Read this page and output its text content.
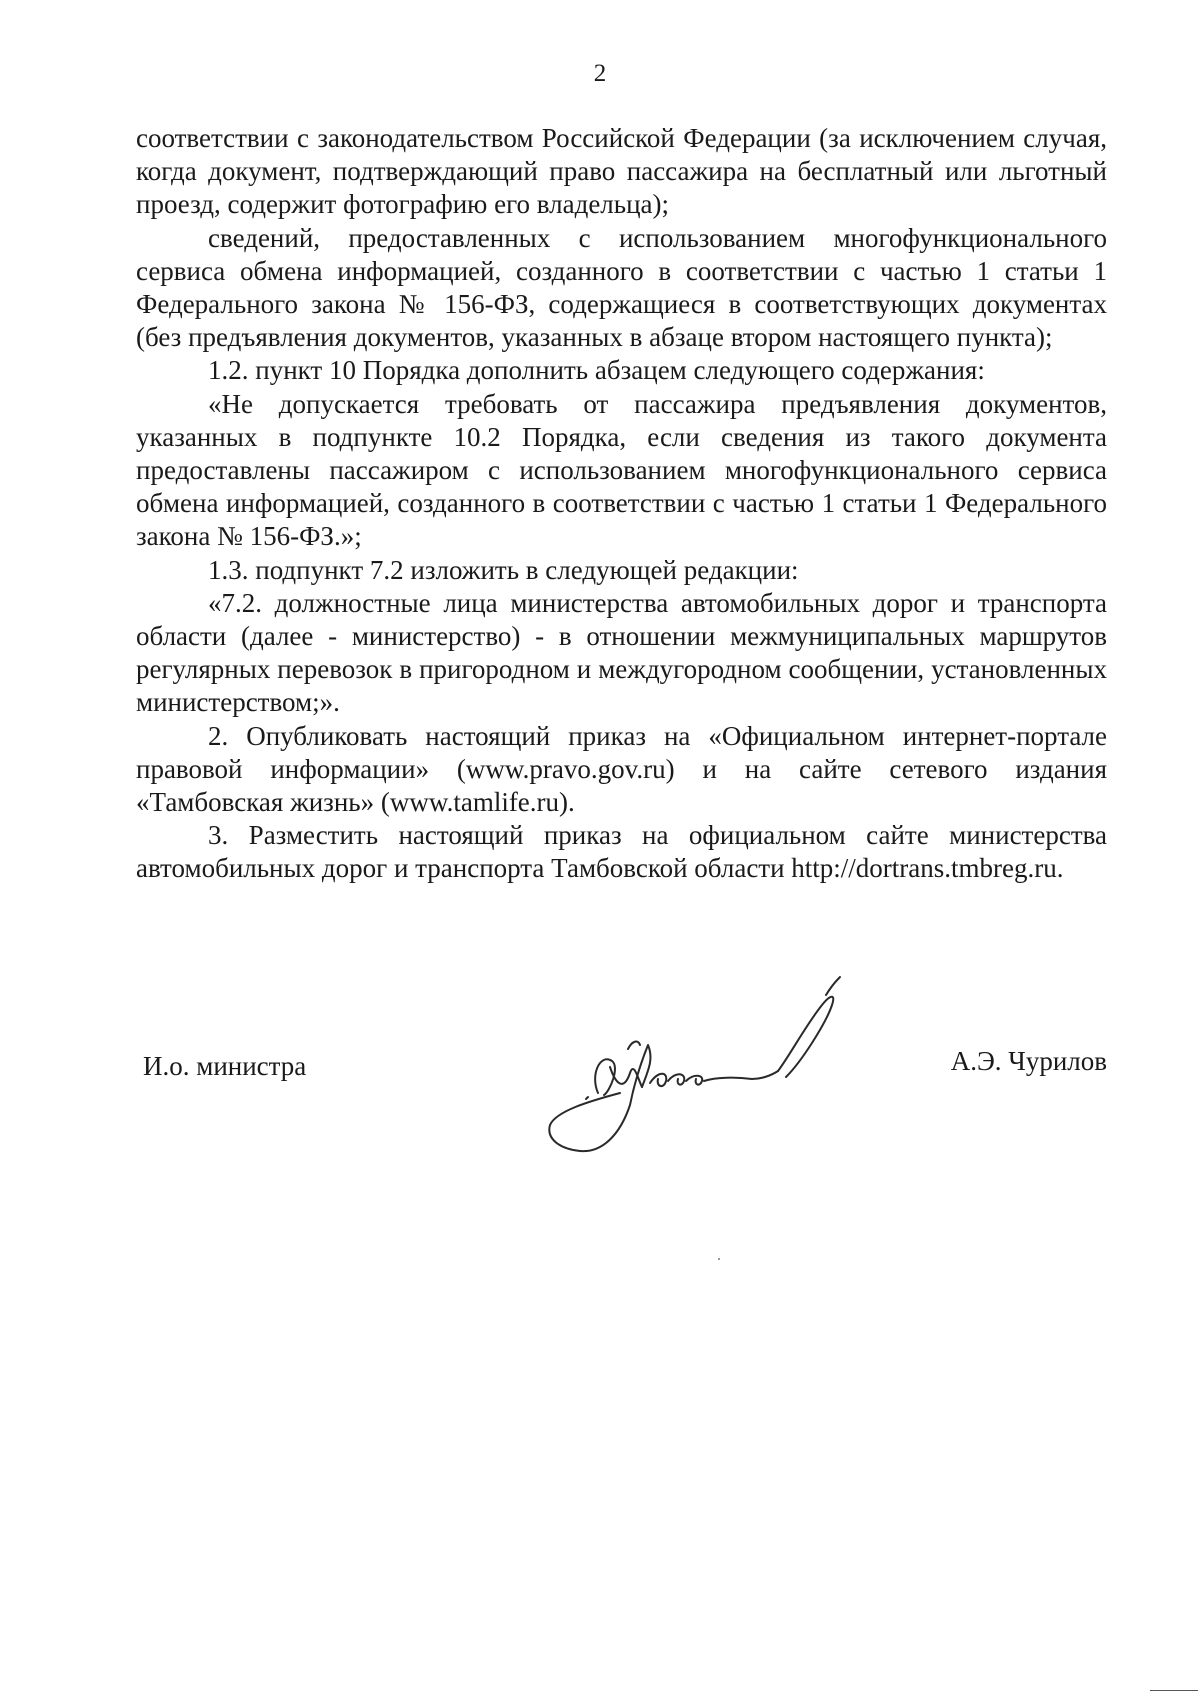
2

соответствии с законодательством Российской Федерации (за исключением случая, когда документ, подтверждающий право пассажира на бесплатный или льготный проезд, содержит фотографию его владельца);

сведений, предоставленных с использованием многофункционального сервиса обмена информацией, созданного в соответствии с частью 1 статьи 1 Федерального закона № 156-ФЗ, содержащиеся в соответствующих документах (без предъявления документов, указанных в абзаце втором настоящего пункта);

1.2. пункт 10 Порядка дополнить абзацем следующего содержания:

«Не допускается требовать от пассажира предъявления документов, указанных в подпункте 10.2 Порядка, если сведения из такого документа предоставлены пассажиром с использованием многофункционального сервиса обмена информацией, созданного в соответствии с частью 1 статьи 1 Федерального закона № 156-ФЗ.»;

1.3. подпункт 7.2 изложить в следующей редакции:

«7.2. должностные лица министерства автомобильных дорог и транспорта области (далее - министерство) - в отношении межмуниципальных маршрутов регулярных перевозок в пригородном и междугородном сообщении, установленных министерством;».

2. Опубликовать настоящий приказ на «Официальном интернет-портале правовой информации» (www.pravo.gov.ru) и на сайте сетевого издания «Тамбовская жизнь» (www.tamlife.ru).

3. Разместить настоящий приказ на официальном сайте министерства автомобильных дорог и транспорта Тамбовской области http://dortrans.tmbreg.ru.

И.о. министра	А.Э. Чурилов
